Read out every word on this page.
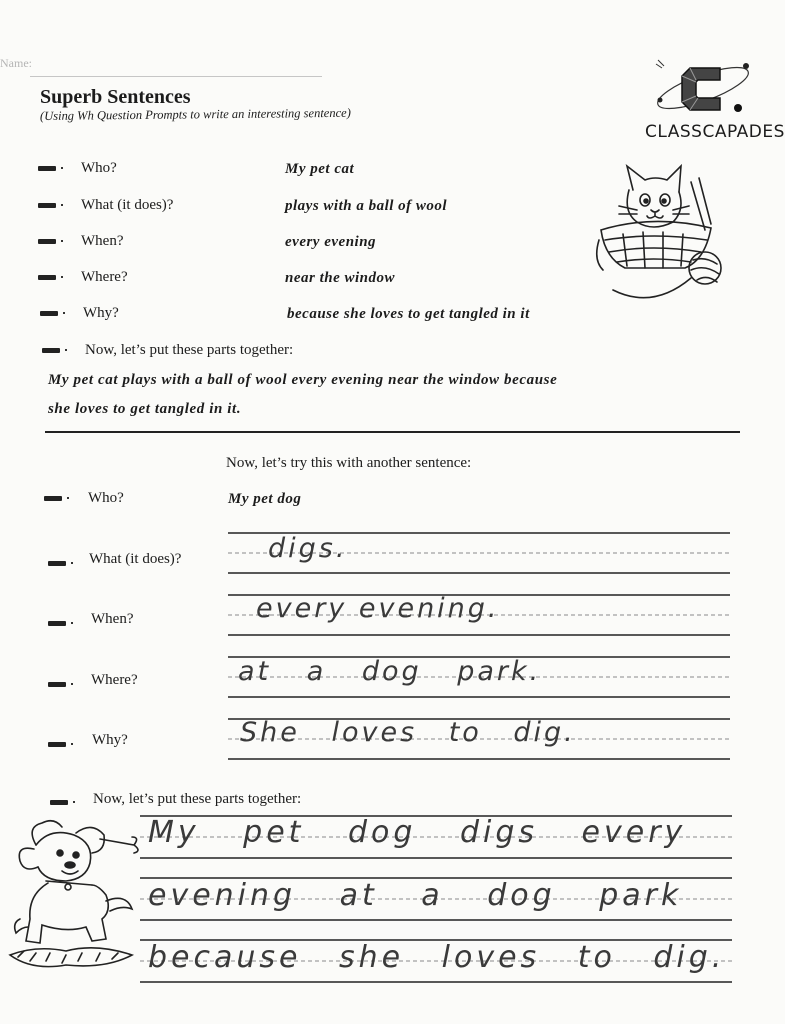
Name:
Superb Sentences
(Using Wh Question Prompts to write an interesting sentence)
CLASSCAPADES
Who?	My pet cat
What (it does)?	plays with a ball of wool
When?	every evening
Where?	near the window
Why?	because she loves to get tangled in it
Now, let’s put these parts together:
My pet cat plays with a ball of wool every evening near the window because
she loves to get tangled in it.
Now, let’s try this with another sentence:
Who?	My pet dog
What (it does)?	digs.
When?	every evening.
Where?	at a dog park.
Why?	She loves to dig.
Now, let’s put these parts together:
My pet dog digs every
evening at a dog park
because she loves to dig.
